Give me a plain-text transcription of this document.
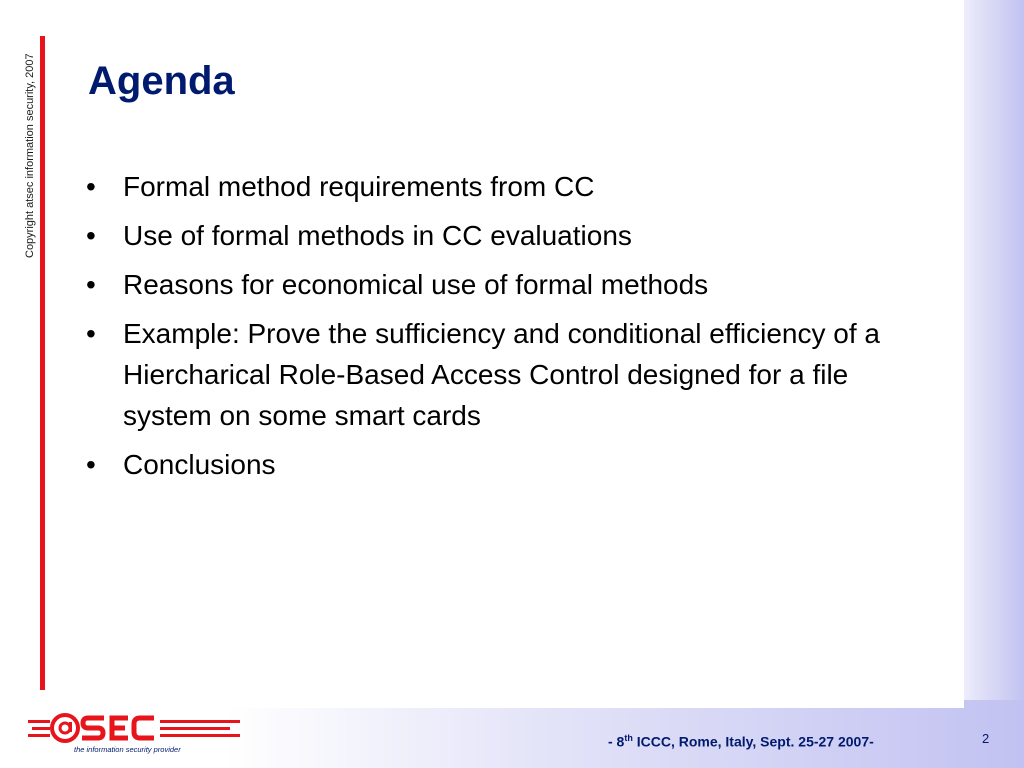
Copyright atsec information security, 2007 Agenda
• Formal method requirements from CC
• Use of formal methods in CC evaluations
• Reasons for economical use of formal methods
• Example: Prove the sufficiency and conditional efficiency of a Hiercharical Role-Based Access Control designed for a file system on some smart cards
• Conclusions
the information security provider	- 8th ICCC, Rome, Italy, Sept. 25-27 2007-	2
